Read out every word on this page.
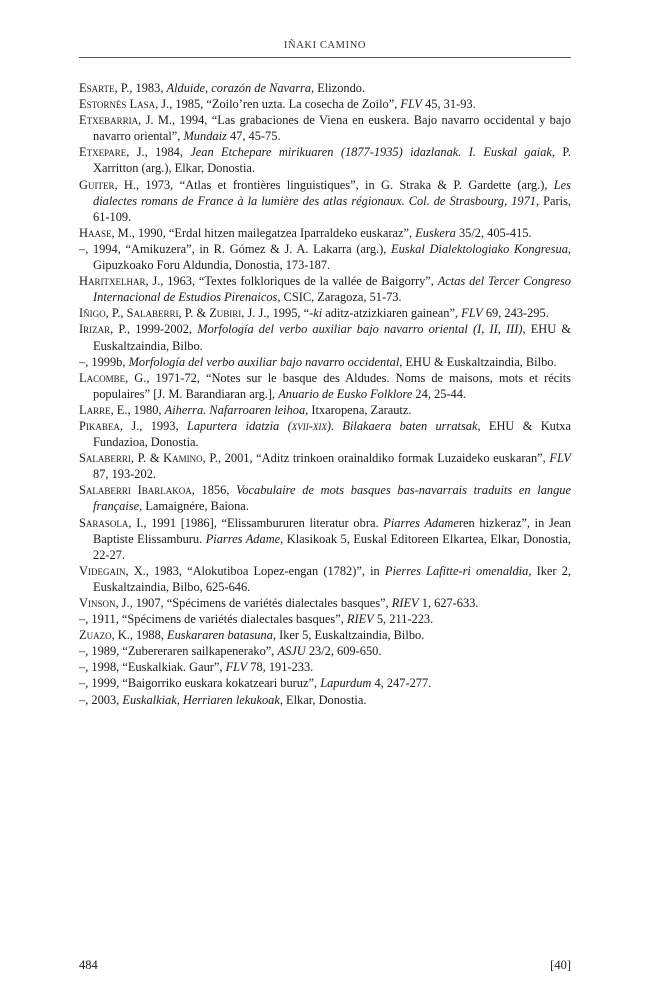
IÑAKI CAMINO

Esarte, P., 1983, Alduide, corazón de Navarra, Elizondo.

Estornés Lasa, J., 1985, “Zoilo’ren uzta. La cosecha de Zoilo”, FLV 45, 31-93.

Etxebarria, J. M., 1994, “Las grabaciones de Viena en euskera. Bajo navarro occidental y bajo navarro oriental”, Mundaiz 47, 45-75.

Etxepare, J., 1984, Jean Etchepare mirikuaren (1877-1935) idazlanak. I. Euskal gaiak, P. Xarritton (arg.), Elkar, Donostia.

Guiter, H., 1973, “Atlas et frontières linguistiques”, in G. Straka & P. Gardette (arg.), Les dialectes romans de France à la lumière des atlas régionaux. Col. de Strasbourg, 1971, Paris, 61-109.

Haase, M., 1990, “Erdal hitzen mailegatzea Iparraldeko euskaraz”, Euskera 35/2, 405-415.

–, 1994, “Amikuzera”, in R. Gómez & J. A. Lakarra (arg.), Euskal Dialektologiako Kongresua, Gipuzkoako Foru Aldundia, Donostia, 173-187.

Haritxelhar, J., 1963, “Textes folkloriques de la vallée de Baigorry”, Actas del Tercer Congreso Internacional de Estudios Pirenaicos, CSIC, Zaragoza, 51-73.

Iñigo, P., Salaberri, P. & Zubiri, J. J., 1995, “-ki aditz-atzizkiaren gainean”, FLV 69, 243-295.

Irizar, P., 1999-2002, Morfología del verbo auxiliar bajo navarro oriental (I, II, III), EHU & Euskaltzaindia, Bilbo.

–, 1999b, Morfología del verbo auxiliar bajo navarro occidental, EHU & Euskaltzaindia, Bilbo.

Lacombe, G., 1971-72, “Notes sur le basque des Aldudes. Noms de maisons, mots et récits populaires” [J. M. Barandiaran arg.], Anuario de Eusko Folklore 24, 25-44.

Larre, E., 1980, Aiherra. Nafarroaren leihoa, Itxaropena, Zarautz.

Pikabea, J., 1993, Lapurtera idatzia (xvii-xix). Bilakaera baten urratsak, EHU & Kutxa Fundazioa, Donostia.

Salaberri, P. & Kamino, P., 2001, “Aditz trinkoen orainaldiko formak Luzaideko euskaran”, FLV 87, 193-202.

Salaberri Ibarlakoa, 1856, Vocabulaire de mots basques bas-navarrais traduits en langue française, Lamaignére, Baiona.

Sarasola, I., 1991 [1986], “Elissambururen literatur obra. Piarres Adameren hizkeraz”, in Jean Baptiste Elissamburu. Piarres Adame, Klasikoak 5, Euskal Editoreen Elkartea, Elkar, Donostia, 22-27.

Videgain, X., 1983, “Alokutiboa Lopez-engan (1782)”, in Pierres Lafitte-ri omenaldia, Iker 2, Euskaltzaindia, Bilbo, 625-646.

Vinson, J., 1907, “Spécimens de variétés dialectales basques”, RIEV 1, 627-633.

–, 1911, “Spécimens de variétés dialectales basques”, RIEV 5, 211-223.

Zuazo, K., 1988, Euskararen batasuna, Iker 5, Euskaltzaindia, Bilbo.

–, 1989, “Zubereraren sailkapenerako”, ASJU 23/2, 609-650.

–, 1998, “Euskalkiak. Gaur”, FLV 78, 191-233.

–, 1999, “Baigorriko euskara kokatzeari buruz”, Lapurdum 4, 247-277.

–, 2003, Euskalkiak, Herriaren lekukoak, Elkar, Donostia.

484	[40]
